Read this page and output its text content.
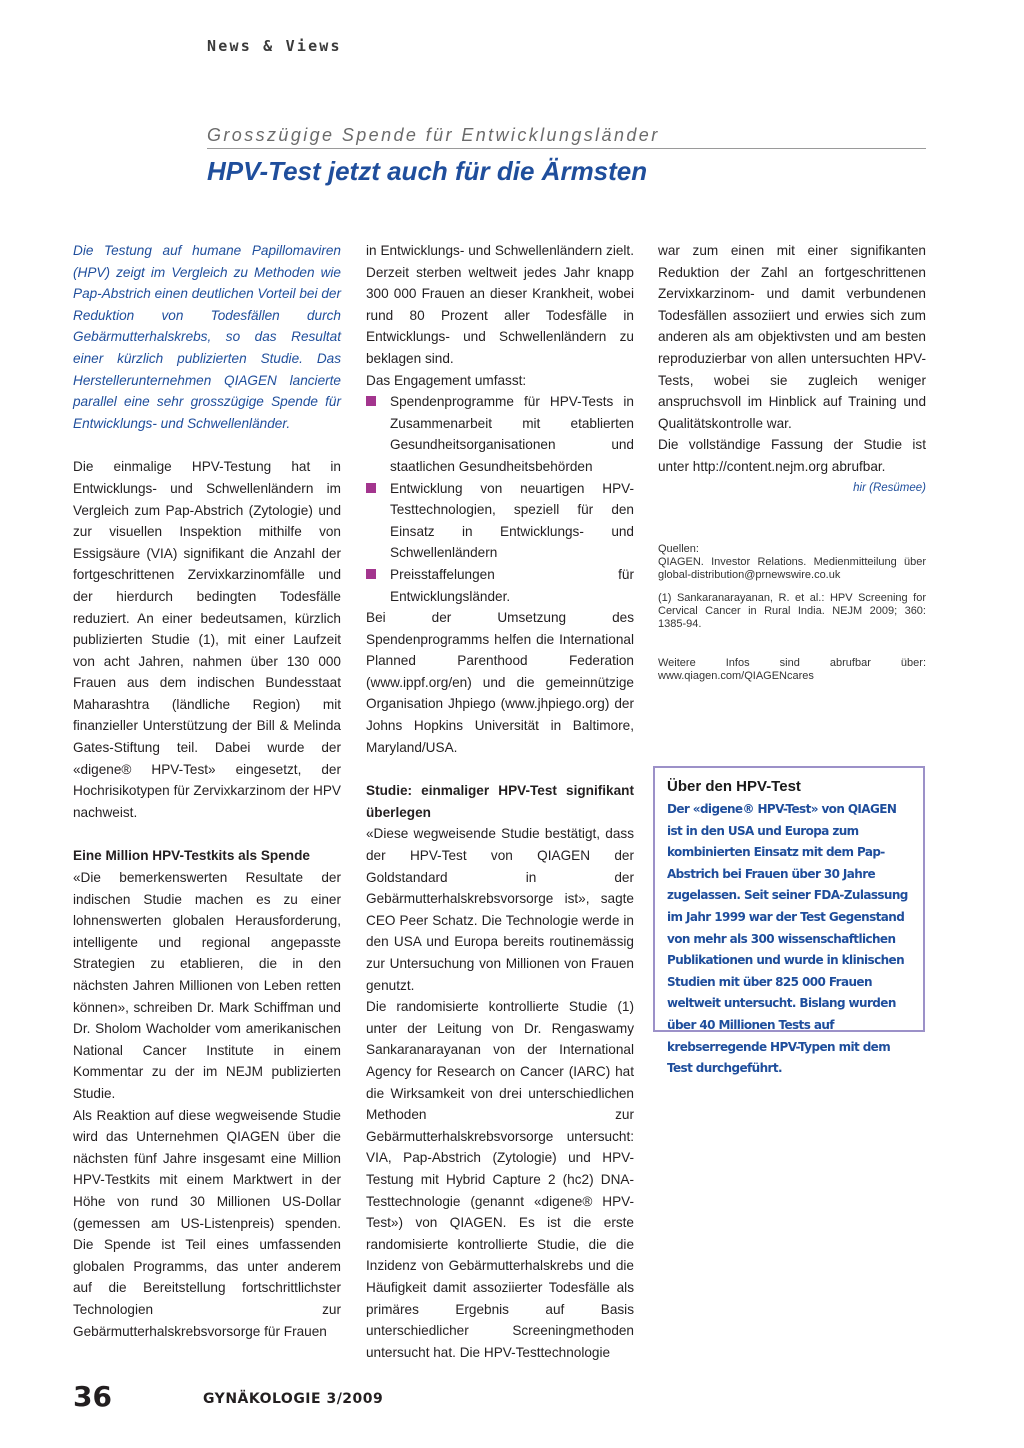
News & Views
Grosszügige Spende für Entwicklungsländer
HPV-Test jetzt auch für die Ärmsten

Die Testung auf humane Papillomaviren (HPV) zeigt im Vergleich zu Methoden wie Pap-Abstrich einen deutlichen Vorteil bei der Reduktion von Todesfällen durch Gebärmutterhalskrebs, so das Resultat einer kürzlich publizierten Studie. Das Herstellerunternehmen QIAGEN lancierte parallel eine sehr grosszügige Spende für Entwicklungs- und Schwellenländer.

Die einmalige HPV-Testung hat in Entwicklungs- und Schwellenländern im Vergleich zum Pap-Abstrich (Zytologie) und zur visuellen Inspektion mithilfe von Essigsäure (VIA) signifikant die Anzahl der fortgeschrittenen Zervixkarzinomfälle und der hierdurch bedingten Todesfälle reduziert. An einer bedeutsamen, kürzlich publizierten Studie (1), mit einer Laufzeit von acht Jahren, nahmen über 130 000 Frauen aus dem indischen Bundesstaat Maharashtra (ländliche Region) mit finanzieller Unterstützung der Bill & Melinda Gates-Stiftung teil. Dabei wurde der «digene® HPV-Test» eingesetzt, der Hochrisikotypen für Zervixkarzinom der HPV nachweist.

Eine Million HPV-Testkits als Spende

«Die bemerkenswerten Resultate der indischen Studie machen es zu einer lohnenswerten globalen Herausforderung, intelligente und regional angepasste Strategien zu etablieren, die in den nächsten Jahren Millionen von Leben retten können», schreiben Dr. Mark Schiffman und Dr. Sholom Wacholder vom amerikanischen National Cancer Institute in einem Kommentar zu der im NEJM publizierten Studie.

Als Reaktion auf diese wegweisende Studie wird das Unternehmen QIAGEN über die nächsten fünf Jahre insgesamt eine Million HPV-Testkits mit einem Marktwert in der Höhe von rund 30 Millionen US-Dollar (gemessen am US-Listenpreis) spenden. Die Spende ist Teil eines umfassenden globalen Programms, das unter anderem auf die Bereitstellung fortschrittlichster Technologien zur Gebärmutterhalskrebsvorsorge für Frauen

in Entwicklungs- und Schwellenländern zielt. Derzeit sterben weltweit jedes Jahr knapp 300 000 Frauen an dieser Krankheit, wobei rund 80 Prozent aller Todesfälle in Entwicklungs- und Schwellenländern zu beklagen sind.

Das Engagement umfasst:

Spendenprogramme für HPV-Tests in Zusammenarbeit mit etablierten Gesundheitsorganisationen und staatlichen Gesundheitsbehörden
Entwicklung von neuartigen HPV-Testtechnologien, speziell für den Einsatz in Entwicklungs- und Schwellenländern
Preisstaffelungen für Entwicklungsländer.

Bei der Umsetzung des Spendenprogramms helfen die International Planned Parenthood Federation (www.ippf.org/en) und die gemeinnützige Organisation Jhpiego (www.jhpiego.org) der Johns Hopkins Universität in Baltimore, Maryland/USA.

Studie: einmaliger HPV-Test signifikant überlegen

«Diese wegweisende Studie bestätigt, dass der HPV-Test von QIAGEN der Goldstandard in der Gebärmutterhalskrebsvorsorge ist», sagte CEO Peer Schatz. Die Technologie werde in den USA und Europa bereits routinemässig zur Untersuchung von Millionen von Frauen genutzt.

Die randomisierte kontrollierte Studie (1) unter der Leitung von Dr. Rengaswamy Sankaranarayanan von der International Agency for Research on Cancer (IARC) hat die Wirksamkeit von drei unterschiedlichen Methoden zur Gebärmutterhalskrebsvorsorge untersucht: VIA, Pap-Abstrich (Zytologie) und HPV-Testung mit Hybrid Capture 2 (hc2) DNA-Testtechnologie (genannt «digene® HPV-Test») von QIAGEN. Es ist die erste randomisierte kontrollierte Studie, die die Inzidenz von Gebärmutterhalskrebs und die Häufigkeit damit assoziierter Todesfälle als primäres Ergebnis auf Basis unterschiedlicher Screeningmethoden untersucht hat. Die HPV-Testtechnologie

war zum einen mit einer signifikanten Reduktion der Zahl an fortgeschrittenen Zervixkarzinom- und damit verbundenen Todesfällen assoziiert und erwies sich zum anderen als am objektivsten und am besten reproduzierbar von allen untersuchten HPV-Tests, wobei sie zugleich weniger anspruchsvoll im Hinblick auf Training und Qualitätskontrolle war.

Die vollständige Fassung der Studie ist unter http://content.nejm.org abrufbar.

hir (Resümee)

Quellen:

QIAGEN. Investor Relations. Medienmitteilung über global-distribution@prnewswire.co.uk

(1) Sankaranarayanan, R. et al.: HPV Screening for Cervical Cancer in Rural India. NEJM 2009; 360: 1385-94.

Weitere Infos sind abrufbar über: www.qiagen.com/QIAGENcares

Über den HPV-Test
Der «digene® HPV-Test» von QIAGEN ist in den USA und Europa zum kombinierten Einsatz mit dem Pap-Abstrich bei Frauen über 30 Jahre zugelassen. Seit seiner FDA-Zulassung im Jahr 1999 war der Test Gegenstand von mehr als 300 wissenschaftlichen Publikationen und wurde in klinischen Studien mit über 825 000 Frauen weltweit untersucht. Bislang wurden über 40 Millionen Tests auf krebserregende HPV-Typen mit dem Test durchgeführt.
36	GYNÄKOLOGIE 3/2009
